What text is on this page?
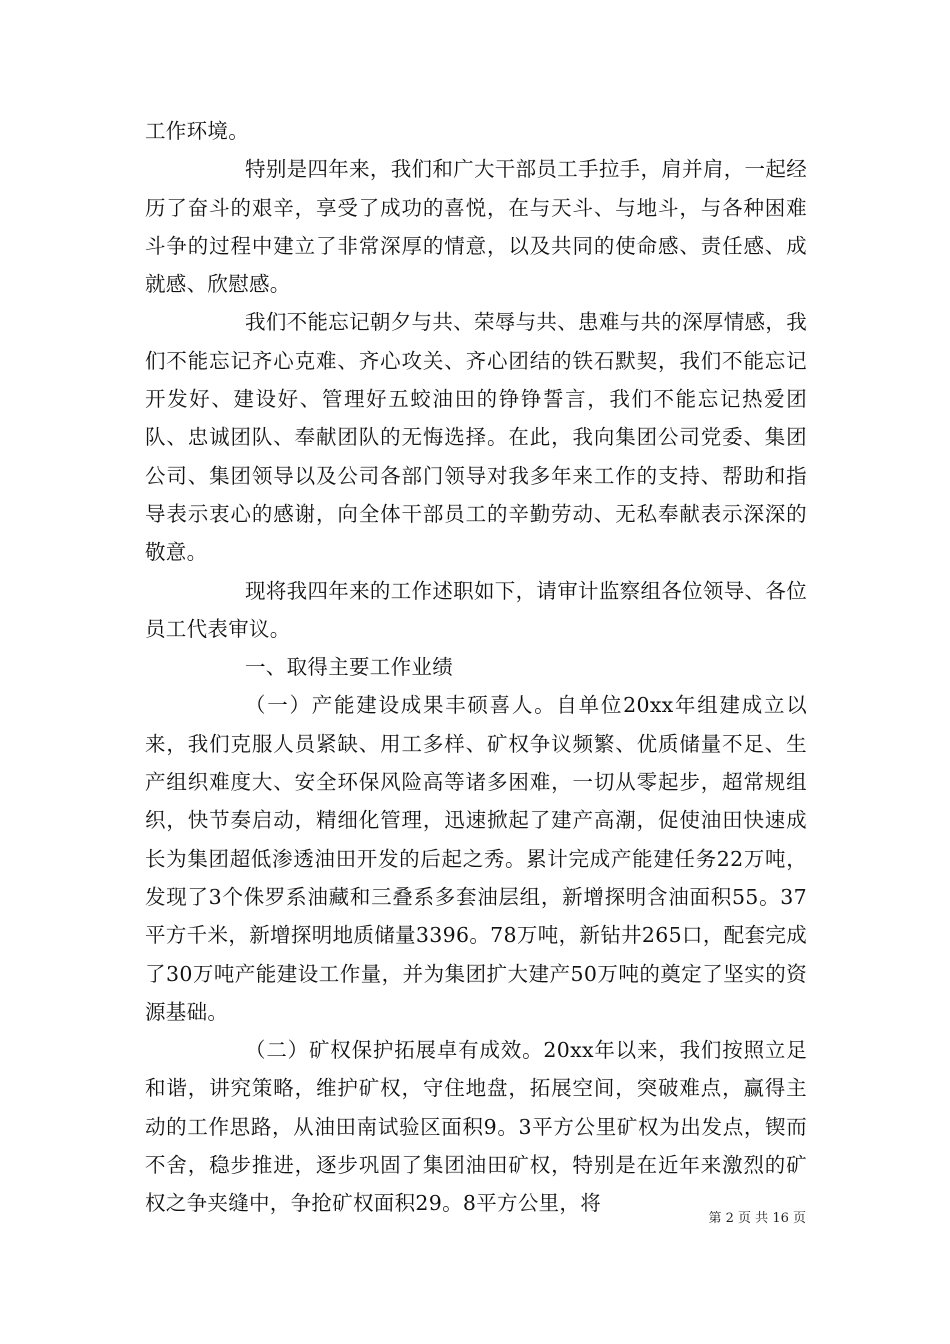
工作环境。

特别是四年来，我们和广大干部员工手拉手，肩并肩，一起经历了奋斗的艰辛，享受了成功的喜悦，在与天斗、与地斗，与各种困难斗争的过程中建立了非常深厚的情意，以及共同的使命感、责任感、成就感、欣慰感。

我们不能忘记朝夕与共、荣辱与共、患难与共的深厚情感，我们不能忘记齐心克难、齐心攻关、齐心团结的铁石默契，我们不能忘记开发好、建设好、管理好五蛟油田的铮铮誓言，我们不能忘记热爱团队、忠诚团队、奉献团队的无悔选择。在此，我向集团公司党委、集团公司、集团领导以及公司各部门领导对我多年来工作的支持、帮助和指导表示衷心的感谢，向全体干部员工的辛勤劳动、无私奉献表示深深的敬意。

现将我四年来的工作述职如下，请审计监察组各位领导、各位员工代表审议。

一、取得主要工作业绩

（一）产能建设成果丰硕喜人。自单位20xx年组建成立以来，我们克服人员紧缺、用工多样、矿权争议频繁、优质储量不足、生产组织难度大、安全环保风险高等诸多困难，一切从零起步，超常规组织，快节奏启动，精细化管理，迅速掀起了建产高潮，促使油田快速成长为集团超低渗透油田开发的后起之秀。累计完成产能建任务22万吨，发现了3个侏罗系油藏和三叠系多套油层组，新增探明含油面积55。37平方千米，新增探明地质储量3396。78万吨，新钻井265口，配套完成了30万吨产能建设工作量，并为集团扩大建产50万吨的奠定了坚实的资源基础。

（二）矿权保护拓展卓有成效。20xx年以来，我们按照立足和谐，讲究策略，维护矿权，守住地盘，拓展空间，突破难点，赢得主动的工作思路，从油田南试验区面积9。3平方公里矿权为出发点，锲而不舍，稳步推进，逐步巩固了集团油田矿权，特别是在近年来激烈的矿权之争夹缝中，争抢矿权面积29。8平方公里，将

第 2 页 共 16 页
